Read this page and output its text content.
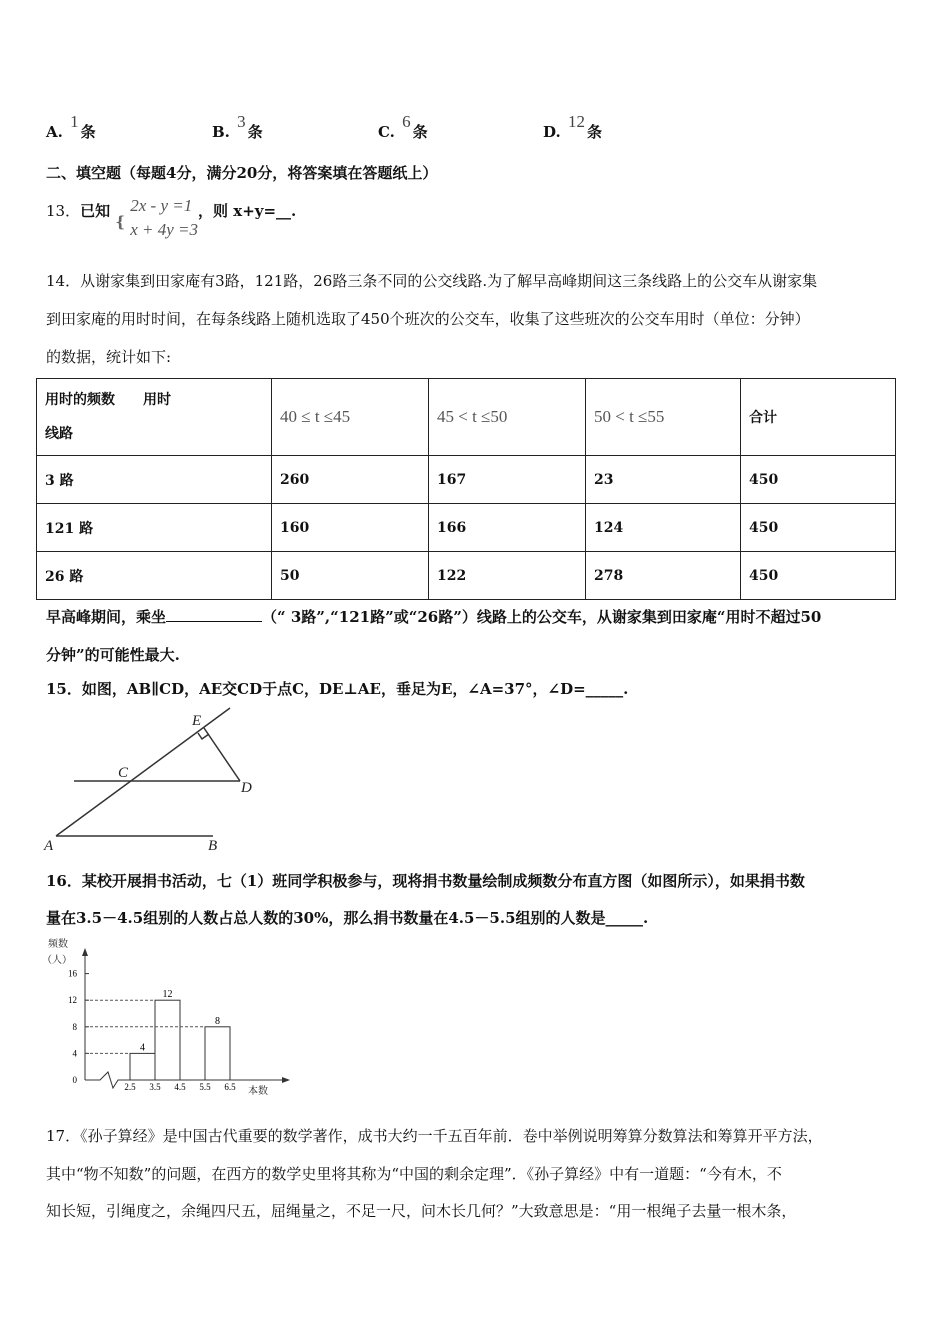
A. $^1$条	B. $^3$条	C. $^6$条	D. $^{12}$条
二、填空题（每题4分，满分20分，将答案填在答题纸上）
13．已知 {
2x - y =1
x + 4y =3
，则 x+y=__.
14．从谢家集到田家庵有3路，121路，26路三条不同的公交线路.为了解早高峰期间这三条线路上的公交车从谢家集
到田家庵的用时时间，在每条线路上随机选取了450个班次的公交车，收集了这些班次的公交车用时（单位：分钟）
的数据，统计如下:
用时的频数　　用时
线路	40 ≤ t ≤45	45 < t ≤50	50 < t ≤55	合计
3 路	260	167	23	450
121 路	160	166	124	450
26 路	50	122	278	450
早高峰期间，乘坐	（“ 3路”,“121路”或“26路”）线路上的公交车，从谢家集到田家庵“用时不超过50
分钟”的可能性最大.
15．如图，AB∥CD，AE交CD于点C，DE⊥AE，垂足为E，∠A=37°，∠D=_____.
A	B
C
D
E
16．某校开展捐书活动，七（1）班同学积极参与，现将捐书数量绘制成频数分布直方图（如图所示），如果捐书数
量在3.5－4.5组别的人数占总人数的30%，那么捐书数量在4.5－5.5组别的人数是_____.
频数（人）
本数
0
4
8
12
16
2.5 3.5 4.5 5.5 6.5
4
12
8
17．《孙子算经》是中国古代重要的数学著作，成书大约一千五百年前．卷中举例说明筹算分数算法和筹算开平方法，
其中“物不知数”的问题，在西方的数学史里将其称为“中国的剩余定理”．《孙子算经》中有一道题：“今有木，不
知长短，引绳度之，余绳四尺五，屈绳量之，不足一尺，问木长几何？”大致意思是：“用一根绳子去量一根木条，
